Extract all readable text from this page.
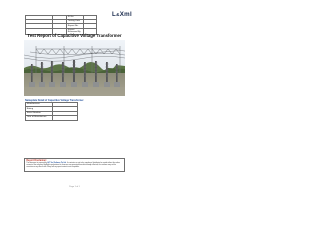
		ID No.	
		Testing Date	
		Report No.	
		Report Reviewed By	
L&Xml
Test Report of Capacitive Voltage Transformer
Nameplate Detail of Capacitive Voltage Transformer
Manufacturer	
Rating	
Serial Number	
Year of Manufacture	
Report Disclaimer:
This document is prepared by L&T Xml Software Pvt Ltd. Its contents are not to be reproduced, distributed or copied without the written consent of the company. Highlights and pointers for clearance are generated from data already collected; the customer may ask for correction or any other action if they feel any report content is not acceptable.
Page 1 of 1
